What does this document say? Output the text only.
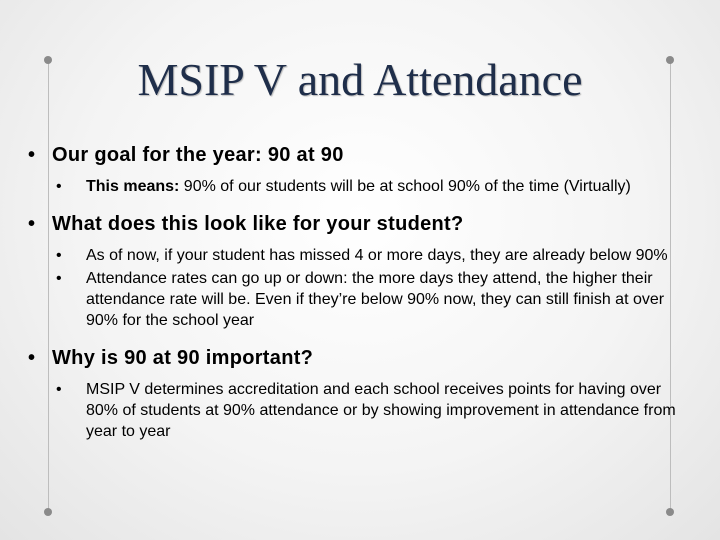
MSIP V and Attendance
• Our goal for the year: 90 at 90
• This means: 90% of our students will be at school 90% of the time (Virtually)
• What does this look like for your student?
• As of now, if your student has missed 4 or more days, they are already below 90%
• Attendance rates can go up or down: the more days they attend, the higher their attendance rate will be. Even if they’re below 90% now, they can still finish at over 90% for the school year
• Why is 90 at 90 important?
• MSIP V determines accreditation and each school receives points for having over 80% of students at 90% attendance or by showing improvement in attendance from year to year
